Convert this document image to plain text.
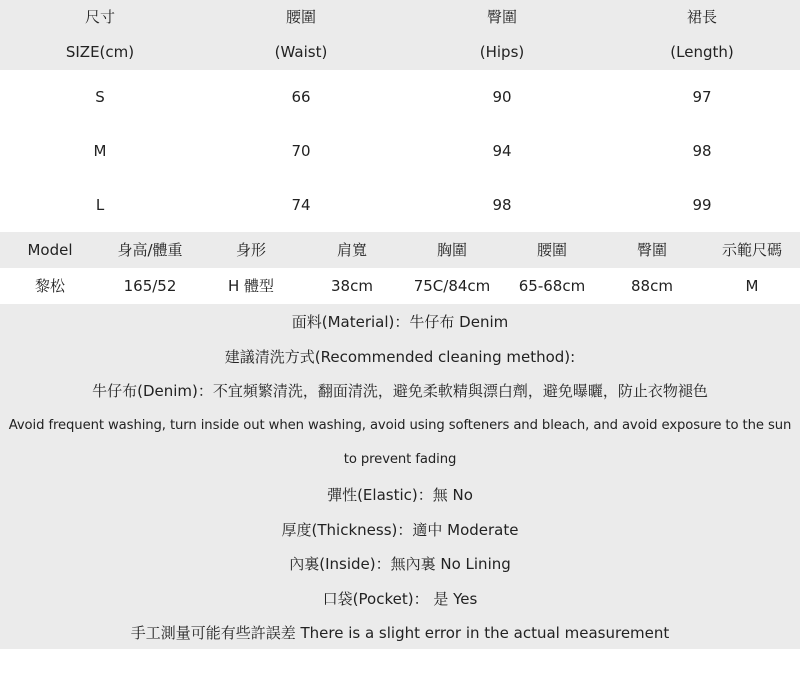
尺寸	腰圍	臀圍	裙長
SIZE(cm)	(Waist)	(Hips)	(Length)
S	66	90	97
M	70	94	98
L	74	98	99
Model	身高/體重	身形	肩寬	胸圍	腰圍	臀圍	示範尺碼
黎松	165/52	H 體型	38cm	75C/84cm	65-68cm	88cm	M
面料(Material)：牛仔布 Denim
建議清洗方式(Recommended cleaning method):
牛仔布(Denim)：不宜頻繁清洗，翻面清洗，避免柔軟精與漂白劑，避免曝曬，防止衣物褪色
Avoid frequent washing, turn inside out when washing, avoid using softeners and bleach, and avoid exposure to the sun
to prevent fading
彈性(Elastic)：無 No
厚度(Thickness)：適中 Moderate
內裏(Inside)：無內裏 No Lining
口袋(Pocket)： 是 Yes
手工測量可能有些許誤差 There is a slight error in the actual measurement
